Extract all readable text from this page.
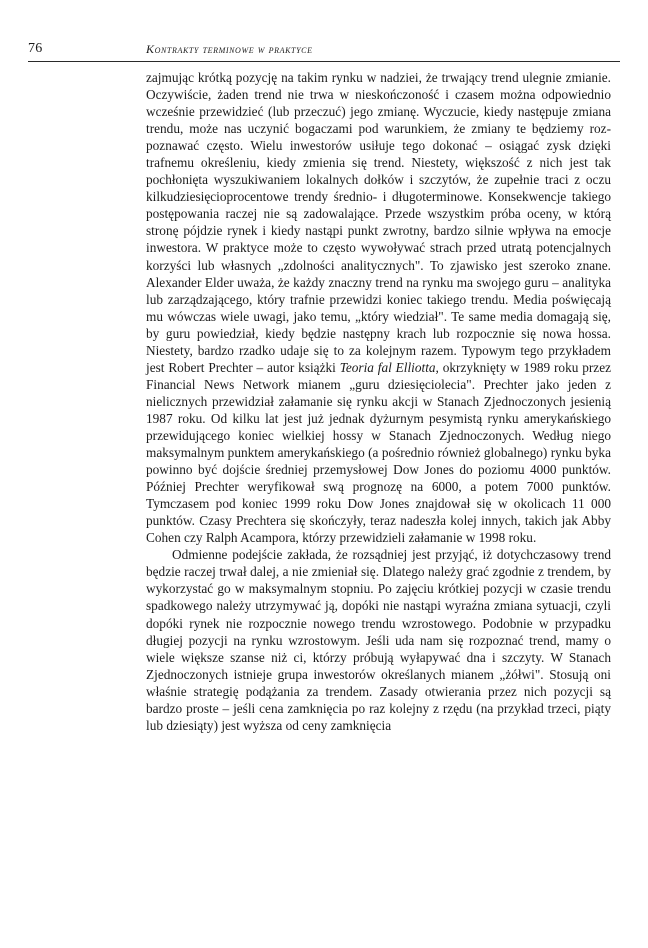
76	Kontrakty terminowe w praktyce

zajmując krótką pozycję na takim rynku w nadziei, że trwający trend ulegnie zmianie. Oczywiście, żaden trend nie trwa w nieskończoność i czasem można odpowiednio wcześnie przewidzieć (lub przeczuć) jego zmianę. Wyczucie, kiedy następuje zmiana trendu, może nas uczynić bogaczami pod warunkiem, że zmiany te będziemy rozpoznawać często. Wielu inwestorów usiłuje tego dokonać – osiągać zysk dzięki trafnemu określeniu, kiedy zmienia się trend. Niestety, większość z nich jest tak pochłonięta wyszukiwaniem lokalnych dołków i szczytów, że zupełnie traci z oczu kilkudziesięcioprocentowe trendy średnio- i długoterminowe. Konsekwencje takiego postępowania raczej nie są zadowalające. Przede wszystkim próba oceny, w którą stronę pójdzie rynek i kiedy nastąpi punkt zwrotny, bardzo silnie wpływa na emocje inwestora. W praktyce może to często wywoływać strach przed utratą potencjalnych korzyści lub własnych „zdolności analitycznych". To zjawisko jest szeroko znane. Alexander Elder uważa, że każdy znaczny trend na rynku ma swojego guru – analityka lub zarządzającego, który trafnie przewidzi koniec takiego trendu. Media poświęcają mu wówczas wiele uwagi, jako temu, „który wiedział". Te same media domagają się, by guru powiedział, kiedy będzie następny krach lub rozpocznie się nowa hossa. Niestety, bardzo rzadko udaje się to za kolejnym razem. Typowym tego przykładem jest Robert Prechter – autor książki Teoria fal Elliotta, okrzyknięty w 1989 roku przez Financial News Network mianem „guru dziesięciolecia". Prechter jako jeden z nielicznych przewidział załamanie się rynku akcji w Stanach Zjednoczonych jesienią 1987 roku. Od kilku lat jest już jednak dyżurnym pesymistą rynku amerykańskiego przewidującego koniec wielkiej hossy w Stanach Zjednoczonych. Według niego maksymalnym punktem amerykańskiego (a pośrednio również globalnego) rynku byka powinno być dojście średniej przemysłowej Dow Jones do poziomu 4000 punktów. Później Prechter weryfikował swą prognozę na 6000, a potem 7000 punktów. Tymczasem pod koniec 1999 roku Dow Jones znajdował się w okolicach 11 000 punktów. Czasy Prechtera się skończyły, teraz nadeszła kolej innych, takich jak Abby Cohen czy Ralph Acampora, którzy przewidzieli załamanie w 1998 roku.

Odmienne podejście zakłada, że rozsądniej jest przyjąć, iż dotychczasowy trend będzie raczej trwał dalej, a nie zmieniał się. Dlatego należy grać zgodnie z trendem, by wykorzystać go w maksymalnym stopniu. Po zajęciu krótkiej pozycji w czasie trendu spadkowego należy utrzymywać ją, dopóki nie nastąpi wyraźna zmiana sytuacji, czyli dopóki rynek nie rozpocznie nowego trendu wzrostowego. Podobnie w przypadku długiej pozycji na rynku wzrostowym. Jeśli uda nam się rozpoznać trend, mamy o wiele większe szanse niż ci, którzy próbują wyłapywać dna i szczyty. W Stanach Zjednoczonych istnieje grupa inwestorów określanych mianem „żółwi". Stosują oni właśnie strategię podążania za trendem. Zasady otwierania przez nich pozycji są bardzo proste – jeśli cena zamknięcia po raz kolejny z rzędu (na przykład trzeci, piąty lub dziesiąty) jest wyższa od ceny zamknięcia
